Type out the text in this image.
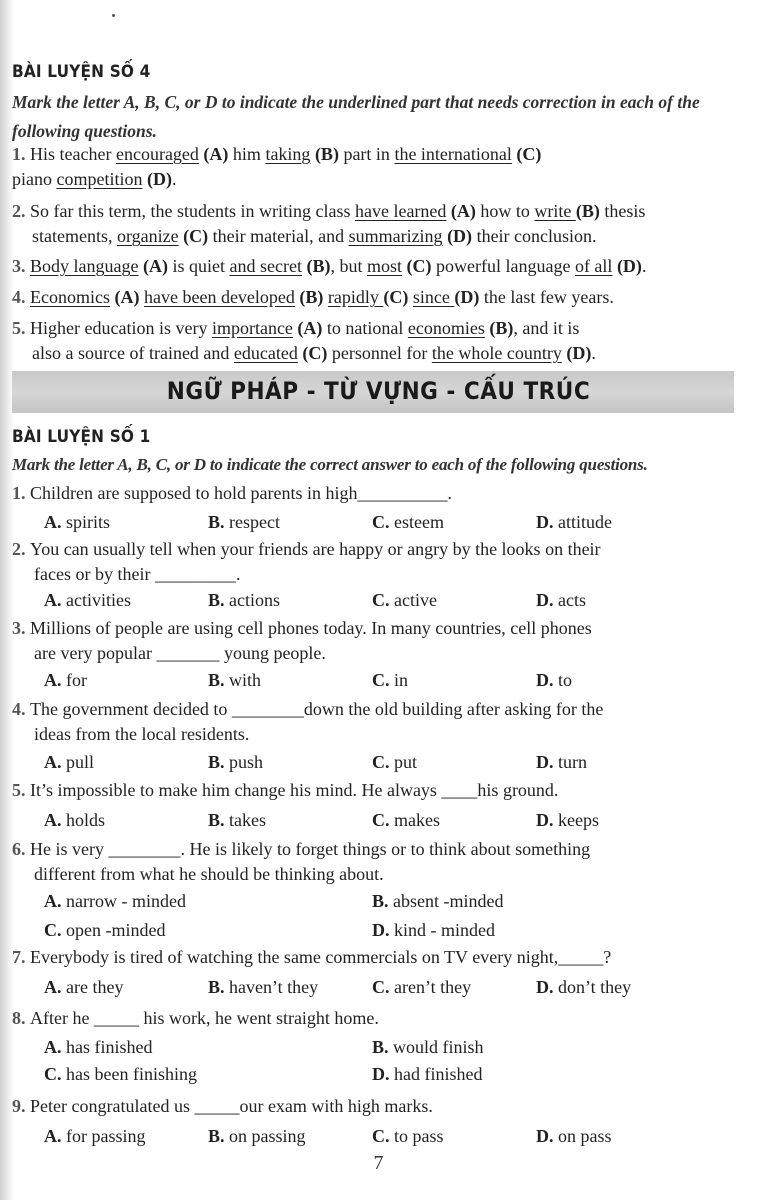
BÀI LUYỆN SỐ 4
Mark the letter A, B, C, or D to indicate the underlined part that needs correction in each of the following questions.
1. His teacher encouraged (A) him taking (B) part in the international (C)
piano competition (D).
2. So far this term, the students in writing class have learned (A) how to write (B) thesis
statements, organize (C) their material, and summarizing (D) their conclusion.
3. Body language (A) is quiet and secret (B), but most (C) powerful language of all (D).
4. Economics (A) have been developed (B) rapidly (C) since (D) the last few years.
5. Higher education is very importance (A) to national economies (B), and it is
also a source of trained and educated (C) personnel for the whole country (D).
NGỮ PHÁP - TỪ VỰNG - CẤU TRÚC
BÀI LUYỆN SỐ 1
Mark the letter A, B, C, or D to indicate the correct answer to each of the following questions.
1. Children are supposed to hold parents in high__________.
A. spirits	B. respect	C. esteem	D. attitude
2. You can usually tell when your friends are happy or angry by the looks on their
faces or by their _________.
A. activities	B. actions	C. active	D. acts
3. Millions of people are using cell phones today. In many countries, cell phones
are very popular _______ young people.
A. for	B. with	C. in	D. to
4. The government decided to ________down the old building after asking for the
ideas from the local residents.
A. pull	B. push	C. put	D. turn
5. It’s impossible to make him change his mind. He always ____his ground.
A. holds	B. takes	C. makes	D. keeps
6. He is very ________. He is likely to forget things or to think about something
different from what he should be thinking about.
A. narrow - minded	B. absent -minded
C. open -minded	D. kind - minded
7. Everybody is tired of watching the same commercials on TV every night,_____?
A. are they	B. haven’t they	C. aren’t they	D. don’t they
8. After he _____ his work, he went straight home.
A. has finished	B. would finish
C. has been finishing	D. had finished
9. Peter congratulated us _____our exam with high marks.
A. for passing	B. on passing	C. to pass	D. on pass
7
